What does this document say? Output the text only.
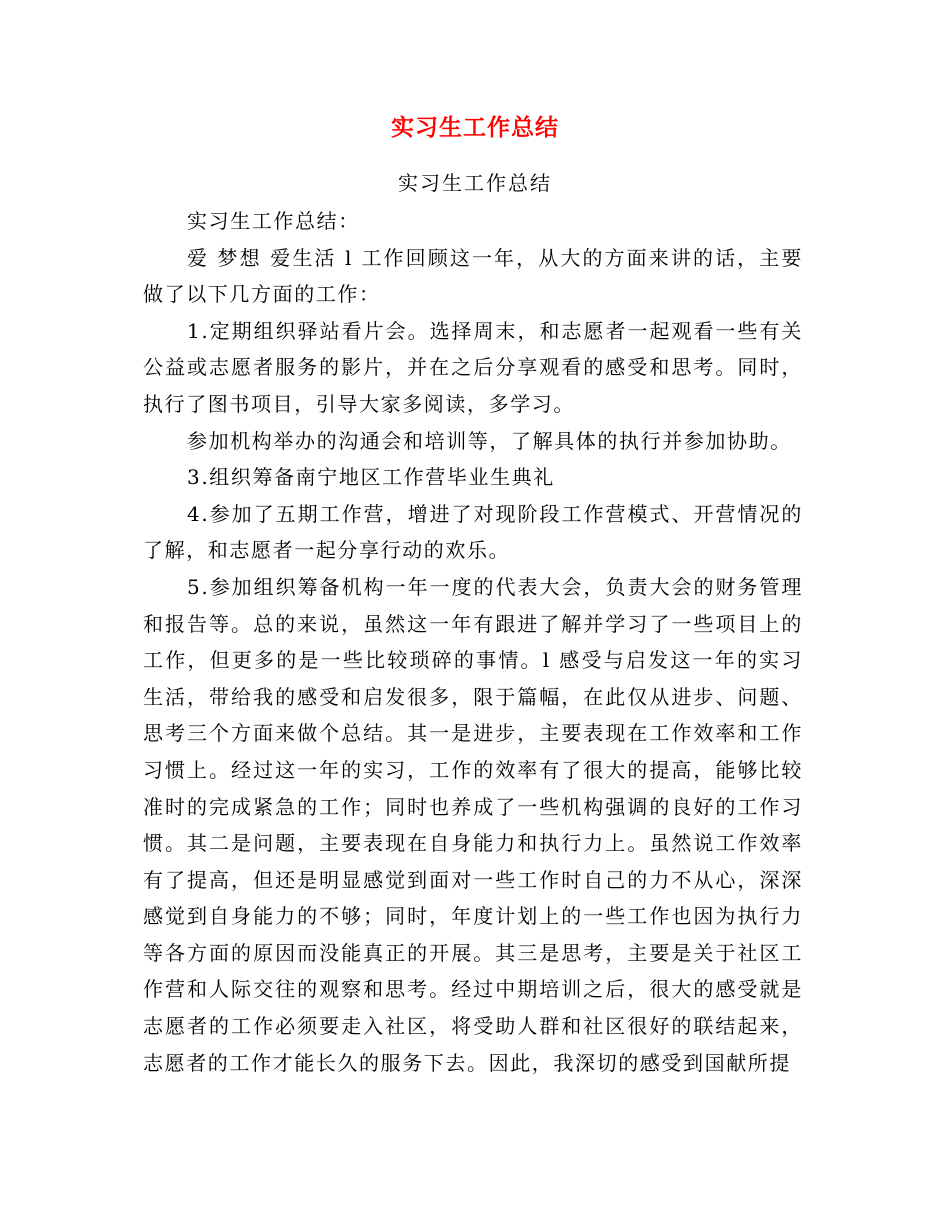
实习生工作总结
实习生工作总结

实习生工作总结：

爱 梦想 爱生活 l 工作回顾这一年，从大的方面来讲的话，主要做了以下几方面的工作：

1.定期组织驿站看片会。选择周末，和志愿者一起观看一些有关公益或志愿者服务的影片，并在之后分享观看的感受和思考。同时，执行了图书项目，引导大家多阅读，多学习。

参加机构举办的沟通会和培训等，了解具体的执行并参加协助。

3.组织筹备南宁地区工作营毕业生典礼

4.参加了五期工作营，增进了对现阶段工作营模式、开营情况的了解，和志愿者一起分享行动的欢乐。

5.参加组织筹备机构一年一度的代表大会，负责大会的财务管理和报告等。总的来说，虽然这一年有跟进了解并学习了一些项目上的工作，但更多的是一些比较琐碎的事情。l 感受与启发这一年的实习生活，带给我的感受和启发很多，限于篇幅，在此仅从进步、问题、思考三个方面来做个总结。其一是进步，主要表现在工作效率和工作习惯上。经过这一年的实习，工作的效率有了很大的提高，能够比较准时的完成紧急的工作；同时也养成了一些机构强调的良好的工作习惯。其二是问题，主要表现在自身能力和执行力上。虽然说工作效率有了提高，但还是明显感觉到面对一些工作时自己的力不从心，深深感觉到自身能力的不够；同时，年度计划上的一些工作也因为执行力等各方面的原因而没能真正的开展。其三是思考，主要是关于社区工作营和人际交往的观察和思考。经过中期培训之后，很大的感受就是志愿者的工作必须要走入社区，将受助人群和社区很好的联结起来，志愿者的工作才能长久的服务下去。因此，我深切的感受到国献所提
